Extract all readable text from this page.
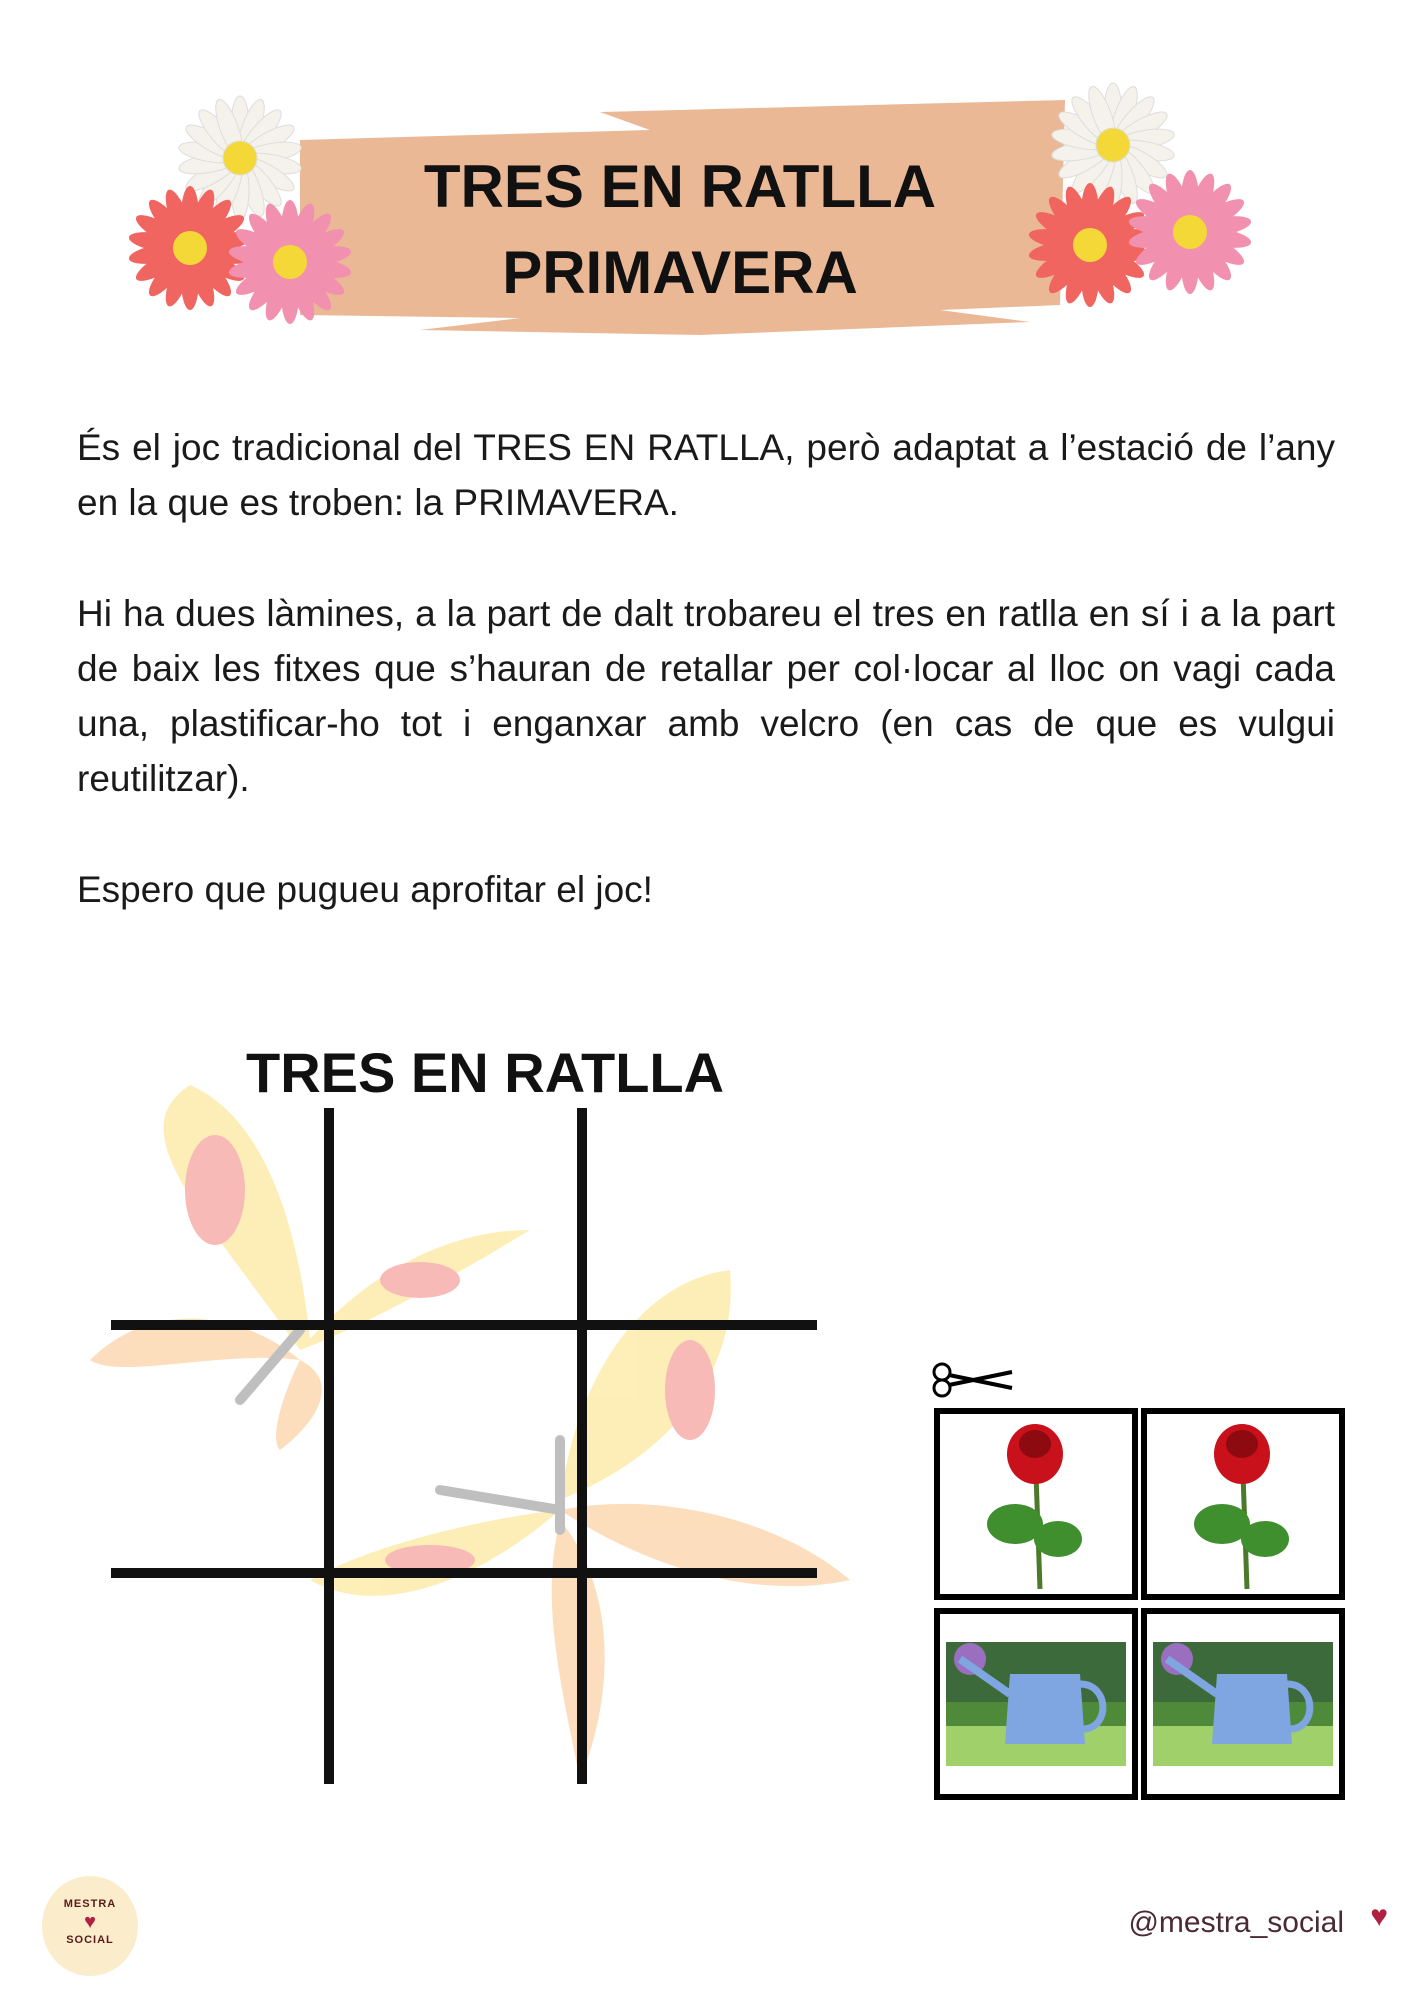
TRES EN RATLLA
PRIMAVERA

És el joc tradicional del TRES EN RATLLA, però adaptat a l’estació de l’any en la que es troben: la PRIMAVERA.

Hi ha dues làmines, a la part de dalt trobareu el tres en ratlla en sí i a la part de baix les fitxes que s’hauran de retallar per col·locar al lloc on vagi cada una, plastificar-ho tot i enganxar amb velcro (en cas de que es vulgui reutilitzar).

Espero que pugueu aprofitar el joc!

TRES EN RATLLA
MESTRA
♥
SOCIAL
@mestra_social ♥
